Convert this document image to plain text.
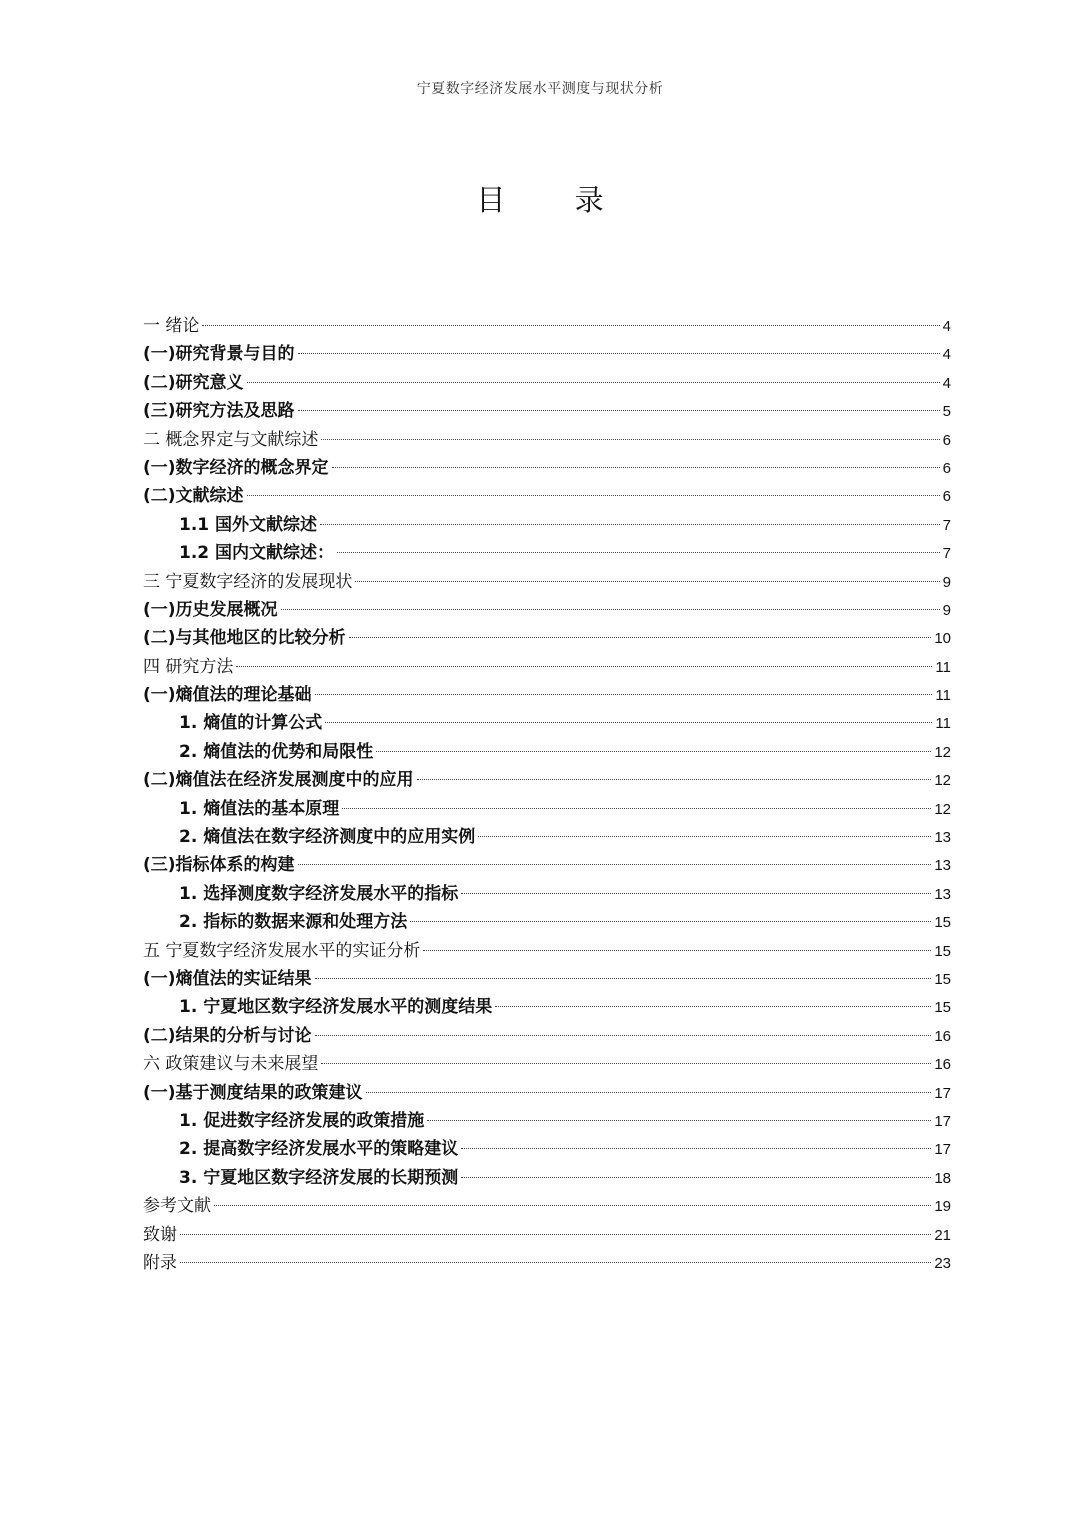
宁夏数字经济发展水平测度与现状分析
目 录
一 绪论	4
(一)研究背景与目的	4
(二)研究意义	4
(三)研究方法及思路	5
二 概念界定与文献综述	6
(一)数字经济的概念界定	6
(二)文献综述	6
1.1 国外文献综述	7
1.2 国内文献综述：	7
三 宁夏数字经济的发展现状	9
(一)历史发展概况	9
(二)与其他地区的比较分析	10
四 研究方法	11
(一)熵值法的理论基础	11
1. 熵值的计算公式	11
2. 熵值法的优势和局限性	12
(二)熵值法在经济发展测度中的应用	12
1. 熵值法的基本原理	12
2. 熵值法在数字经济测度中的应用实例	13
(三)指标体系的构建	13
1. 选择测度数字经济发展水平的指标	13
2. 指标的数据来源和处理方法	15
五 宁夏数字经济发展水平的实证分析	15
(一)熵值法的实证结果	15
1. 宁夏地区数字经济发展水平的测度结果	15
(二)结果的分析与讨论	16
六 政策建议与未来展望	16
(一)基于测度结果的政策建议	17
1. 促进数字经济发展的政策措施	17
2. 提高数字经济发展水平的策略建议	17
3. 宁夏地区数字经济发展的长期预测	18
参考文献	19
致谢	21
附录	23
